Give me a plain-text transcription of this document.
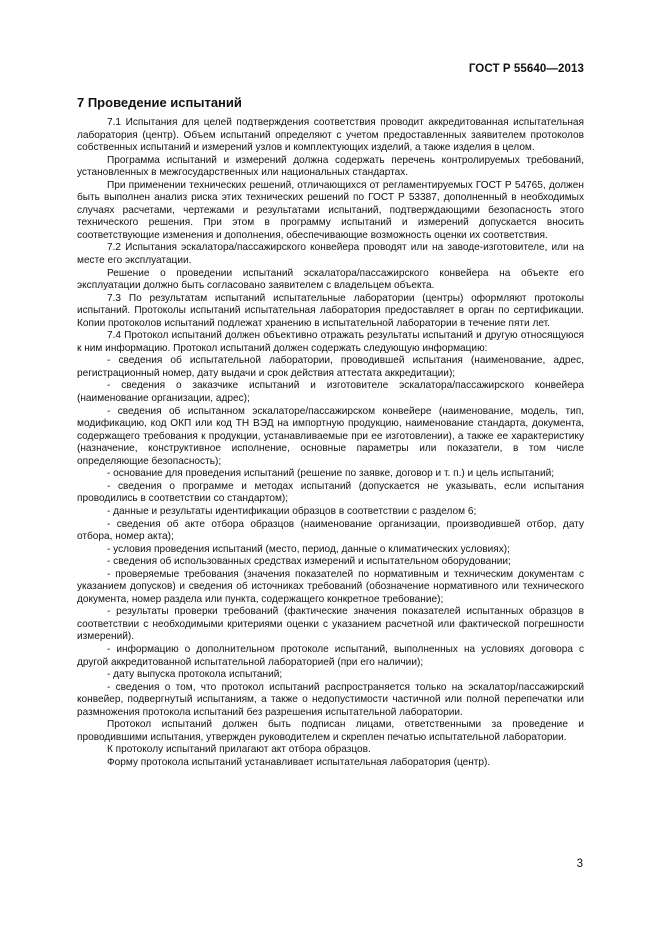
ГОСТ Р 55640—2013
7 Проведение испытаний

7.1 Испытания для целей подтверждения соответствия проводит аккредитованная испытательная лаборатория (центр). Объем испытаний определяют с учетом предоставленных заявителем протоколов собственных испытаний и измерений узлов и комплектующих изделий, а также изделия в целом.

Программа испытаний и измерений должна содержать перечень контролируемых требований, установленных в межгосударственных или национальных стандартах.

При применении технических решений, отличающихся от регламентируемых ГОСТ Р 54765, должен быть выполнен анализ риска этих технических решений по ГОСТ Р 53387, дополненный в необходимых случаях расчетами, чертежами и результатами испытаний, подтверждающими безопасность этого технического решения. При этом в программу испытаний и измерений допускается вносить соответствующие изменения и дополнения, обеспечивающие возможность оценки их соответствия.

7.2 Испытания эскалатора/пассажирского конвейера проводят или на заводе-изготовителе, или на месте его эксплуатации.

Решение о проведении испытаний эскалатора/пассажирского конвейера на объекте его эксплуатации должно быть согласовано заявителем с владельцем объекта.

7.3 По результатам испытаний испытательные лаборатории (центры) оформляют протоколы испытаний. Протоколы испытаний испытательная лаборатория предоставляет в орган по сертификации. Копии протоколов испытаний подлежат хранению в испытательной лаборатории в течение пяти лет.

7.4 Протокол испытаний должен объективно отражать результаты испытаний и другую относящуюся к ним информацию. Протокол испытаний должен содержать следующую информацию:

- сведения об испытательной лаборатории, проводившей испытания (наименование, адрес, регистрационный номер, дату выдачи и срок действия аттестата аккредитации);

- сведения о заказчике испытаний и изготовителе эскалатора/пассажирского конвейера (наименование организации, адрес);

- сведения об испытанном эскалаторе/пассажирском конвейере (наименование, модель, тип, модификацию, код ОКП или код ТН ВЭД на импортную продукцию, наименование стандарта, документа, содержащего требования к продукции, устанавливаемые при ее изготовлении), а также ее характеристику (назначение, конструктивное исполнение, основные параметры или показатели, в том числе определяющие безопасность);

- основание для проведения испытаний (решение по заявке, договор и т. п.) и цель испытаний;

- сведения о программе и методах испытаний (допускается не указывать, если испытания проводились в соответствии со стандартом);

- данные и результаты идентификации образцов в соответствии с разделом 6;

- сведения об акте отбора образцов (наименование организации, производившей отбор, дату отбора, номер акта);

- условия проведения испытаний (место, период, данные о климатических условиях);

- сведения об использованных средствах измерений и испытательном оборудовании;

- проверяемые требования (значения показателей по нормативным и техническим документам с указанием допусков) и сведения об источниках требований (обозначение нормативного или технического документа, номер раздела или пункта, содержащего конкретное требование);

- результаты проверки требований (фактические значения показателей испытанных образцов в соответствии с необходимыми критериями оценки с указанием расчетной или фактической погрешности измерений).

- информацию о дополнительном протоколе испытаний, выполненных на условиях договора с другой аккредитованной испытательной лабораторией (при его наличии);

- дату выпуска протокола испытаний;

- сведения о том, что протокол испытаний распространяется только на эскалатор/пассажирский конвейер, подвергнутый испытаниям, а также о недопустимости частичной или полной перепечатки или размножения протокола испытаний без разрешения испытательной лаборатории.

Протокол испытаний должен быть подписан лицами, ответственными за проведение и проводившими испытания, утвержден руководителем и скреплен печатью испытательной лаборатории.

К протоколу испытаний прилагают акт отбора образцов.

Форму протокола испытаний устанавливает испытательная лаборатория (центр).

3
